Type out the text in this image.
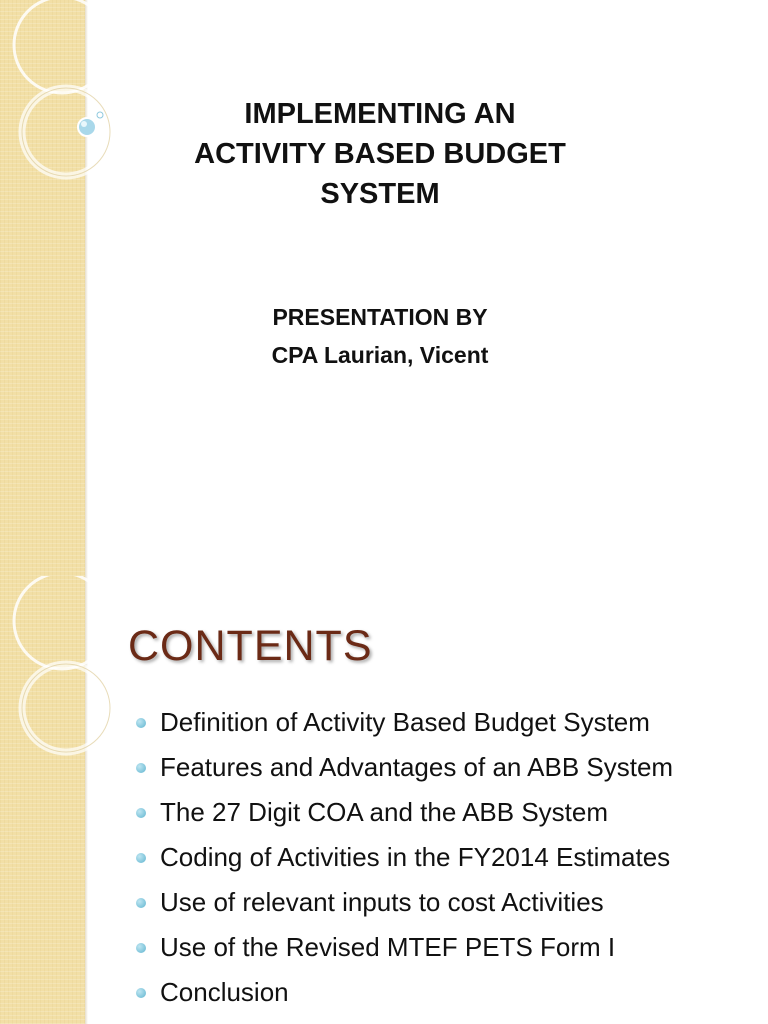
IMPLEMENTING AN
ACTIVITY BASED BUDGET
SYSTEM
PRESENTATION BY
CPA Laurian, Vicent
CONTENTS
Definition of Activity Based Budget System
Features and Advantages of an ABB System
The 27 Digit COA and the ABB System
Coding of Activities in the FY2014 Estimates
Use of relevant inputs to cost Activities
Use of the Revised MTEF PETS Form I
Conclusion
